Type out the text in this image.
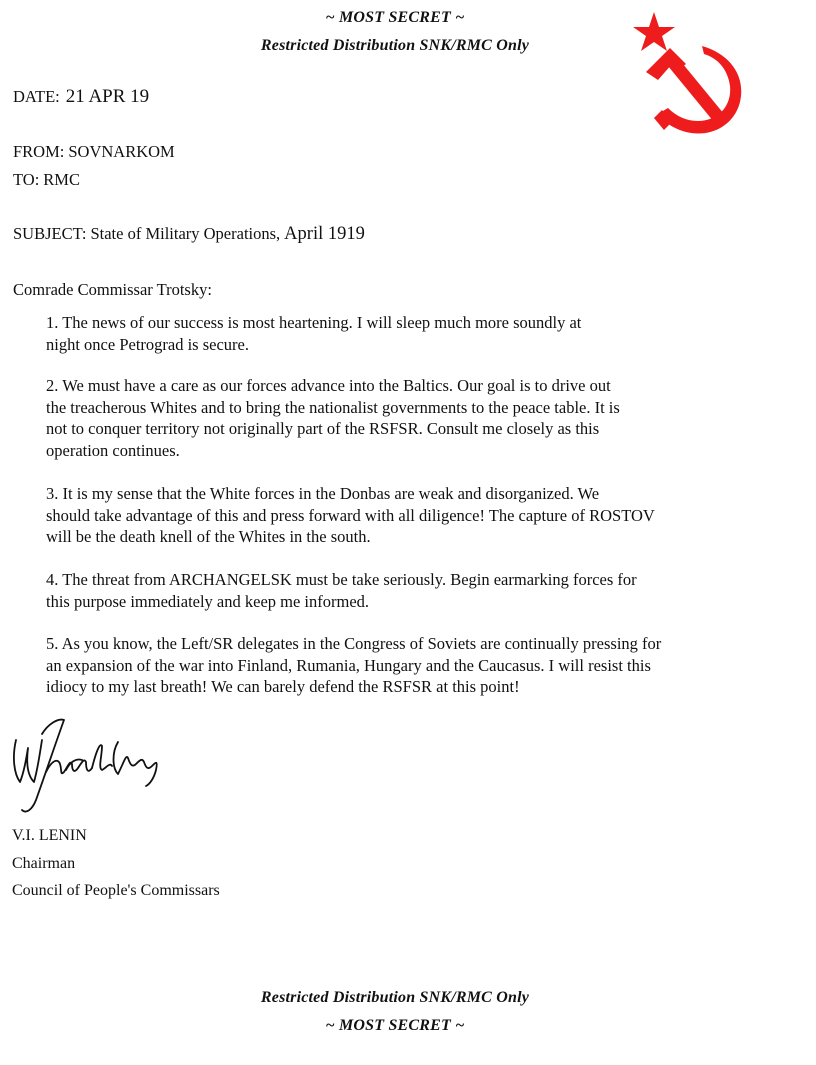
~ MOST SECRET ~
Restricted Distribution SNK/RMC Only
DATE: 21 APR 19
FROM: SOVNARKOM
TO: RMC
SUBJECT: State of Military Operations, April 1919
Comrade Commissar Trotsky:
1. The news of our success is most heartening. I will sleep much more soundly at
night once Petrograd is secure.
2. We must have a care as our forces advance into the Baltics. Our goal is to drive out
the treacherous Whites and to bring the nationalist governments to the peace table. It is
not to conquer territory not originally part of the RSFSR. Consult me closely as this
operation continues.
3. It is my sense that the White forces in the Donbas are weak and disorganized. We
should take advantage of this and press forward with all diligence! The capture of ROSTOV
will be the death knell of the Whites in the south.
4. The threat from ARCHANGELSK must be take seriously. Begin earmarking forces for
this purpose immediately and keep me informed.
5. As you know, the Left/SR delegates in the Congress of Soviets are continually pressing for
an expansion of the war into Finland, Rumania, Hungary and the Caucasus. I will resist this
idiocy to my last breath! We can barely defend the RSFSR at this point!
V.I. LENIN
Chairman
Council of People's Commissars
Restricted Distribution SNK/RMC Only
~ MOST SECRET ~
